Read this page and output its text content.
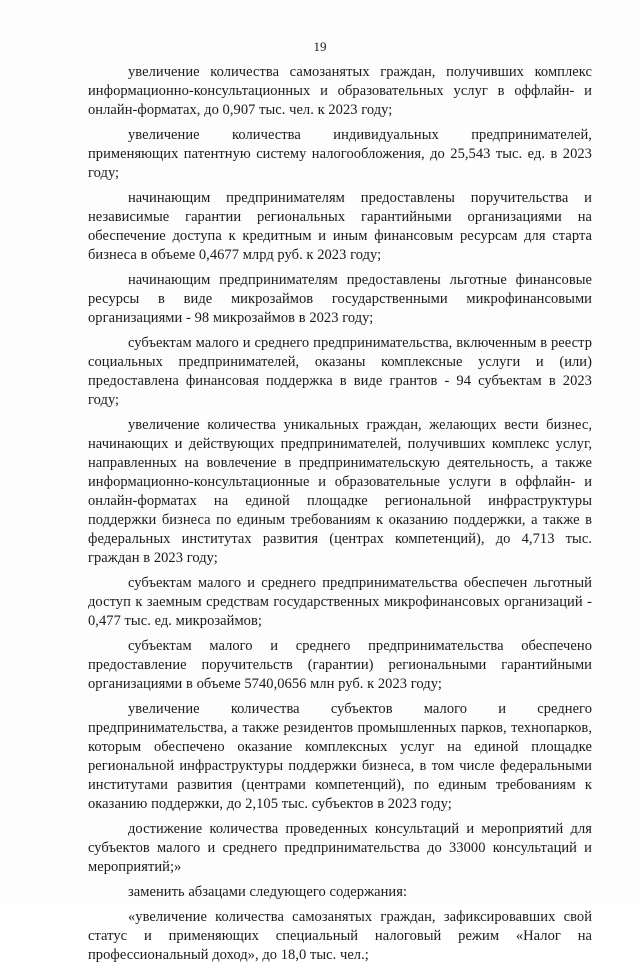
19

увеличение количества самозанятых граждан, получивших комплекс информационно-консультационных и образовательных услуг в оффлайн- и онлайн-форматах, до 0,907 тыс. чел. к 2023 году;

увеличение количества индивидуальных предпринимателей, применяющих патентную систему налогообложения, до 25,543 тыс. ед. в 2023 году;

начинающим предпринимателям предоставлены поручительства и независимые гарантии региональных гарантийными организациями на обеспечение доступа к кредитным и иным финансовым ресурсам для старта бизнеса в объеме 0,4677 млрд руб. к 2023 году;

начинающим предпринимателям предоставлены льготные финансовые ресурсы в виде микрозаймов государственными микрофинансовыми организациями - 98 микрозаймов в 2023 году;

субъектам малого и среднего предпринимательства, включенным в реестр социальных предпринимателей, оказаны комплексные услуги и (или) предоставлена финансовая поддержка в виде грантов - 94 субъектам в 2023 году;

увеличение количества уникальных граждан, желающих вести бизнес, начинающих и действующих предпринимателей, получивших комплекс услуг, направленных на вовлечение в предпринимательскую деятельность, а также информационно-консультационные и образовательные услуги в оффлайн- и онлайн-форматах на единой площадке региональной инфраструктуры поддержки бизнеса по единым требованиям к оказанию поддержки, а также в федеральных институтах развития (центрах компетенций), до 4,713 тыс. граждан в 2023 году;

субъектам малого и среднего предпринимательства обеспечен льготный доступ к заемным средствам государственных микрофинансовых организаций - 0,477 тыс. ед. микрозаймов;

субъектам малого и среднего предпринимательства обеспечено предоставление поручительств (гарантии) региональными гарантийными организациями в объеме 5740,0656 млн руб. к 2023 году;

увеличение количества субъектов малого и среднего предпринимательства, а также резидентов промышленных парков, технопарков, которым обеспечено оказание комплексных услуг на единой площадке региональной инфраструктуры поддержки бизнеса, в том числе федеральными институтами развития (центрами компетенций), по единым требованиям к оказанию поддержки, до 2,105 тыс. субъектов в 2023 году;

достижение количества проведенных консультаций и мероприятий для субъектов малого и среднего предпринимательства до 33000 консультаций и мероприятий;»

заменить абзацами следующего содержания:

«увеличение количества самозанятых граждан, зафиксировавших свой статус и применяющих специальный налоговый режим «Налог на профессиональный доход», до 18,0 тыс. чел.;
